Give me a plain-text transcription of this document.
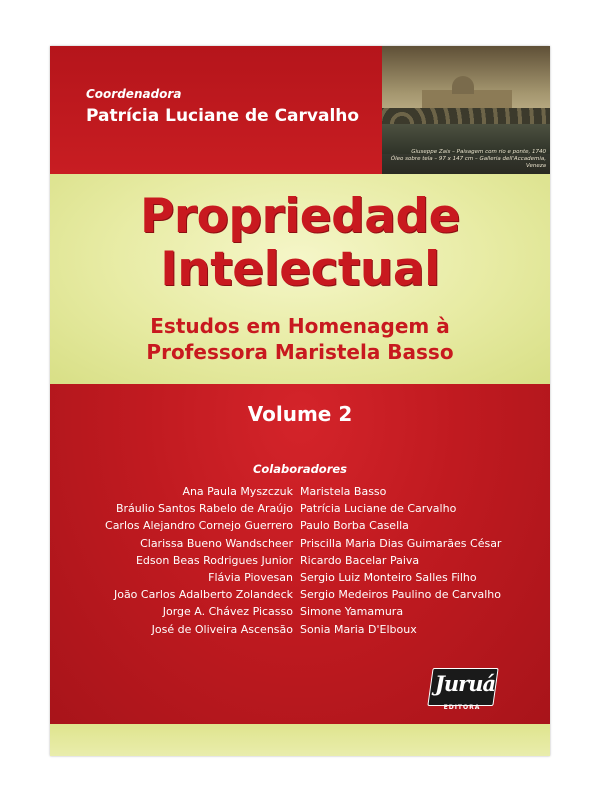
Giuseppe Zais – Paisagem com rio e ponte, 1740
Óleo sobre tela – 97 x 147 cm – Galleria dell'Accademia, Veneza
Coordenadora
Patrícia Luciane de Carvalho
Propriedade
Intelectual
Estudos em Homenagem à
Professora Maristela Basso
Volume 2
Colaboradores
Ana Paula Myszczuk
Bráulio Santos Rabelo de Araújo
Carlos Alejandro Cornejo Guerrero
Clarissa Bueno Wandscheer
Edson Beas Rodrigues Junior
Flávia Piovesan
João Carlos Adalberto Zolandeck
Jorge A. Chávez Picasso
José de Oliveira Ascensão
Maristela Basso
Patrícia Luciane de Carvalho
Paulo Borba Casella
Priscilla Maria Dias Guimarães César
Ricardo Bacelar Paiva
Sergio Luiz Monteiro Salles Filho
Sergio Medeiros Paulino de Carvalho
Simone Yamamura
Sonia Maria D'Elboux
Juruá
EDITORA
